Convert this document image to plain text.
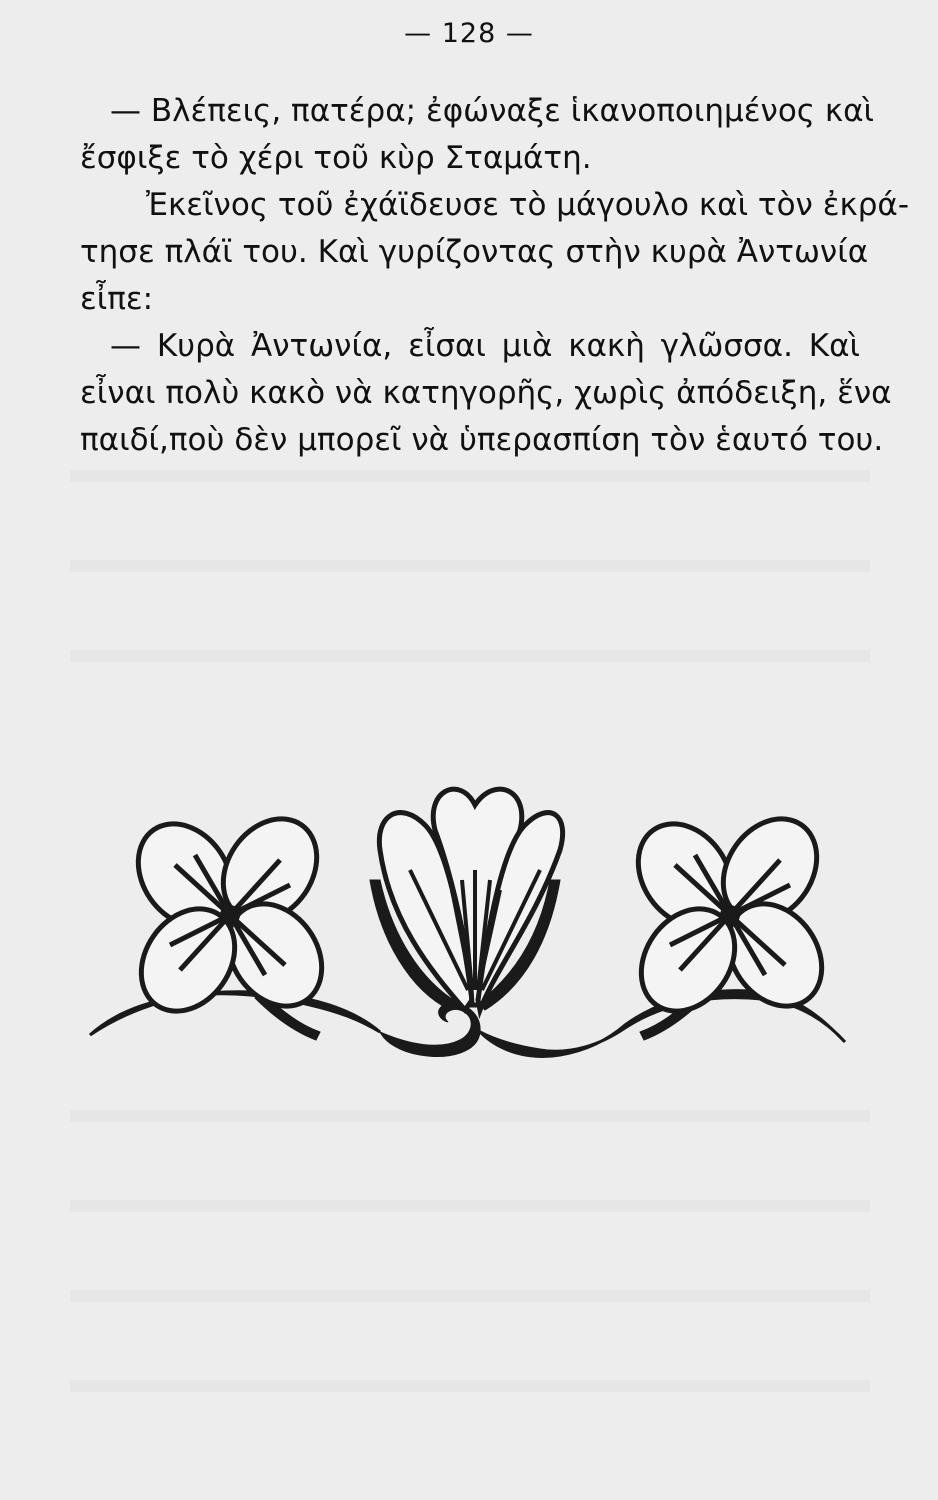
— 128 —
— Βλέπεις, πατέρα; ἐφώναξε ἱκανοποιημένος καὶ
ἔσφιξε τὸ χέρι τοῦ κὺρ Σταμάτη.
Ἐκεῖνος τοῦ ἐχάϊδευσε τὸ μάγουλο καὶ τὸν ἐκρά-
τησε πλάϊ του. Καὶ γυρίζοντας στὴν κυρὰ Ἀντωνία
εἶπε:
— Κυρὰ Ἀντωνία, εἶσαι μιὰ κακὴ γλῶσσα. Καὶ
εἶναι πολὺ κακὸ νὰ κατηγορῆς, χωρὶς ἀπόδειξη, ἕνα
παιδί,ποὺ δὲν μπορεῖ νὰ ὑπερασπίση τὸν ἑαυτό του.
